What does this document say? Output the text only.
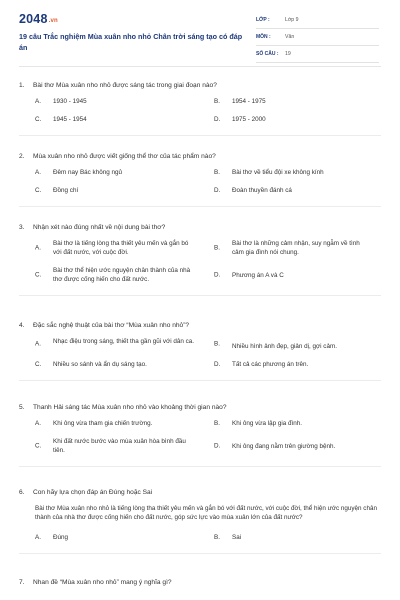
2048.vn
19 câu Trắc nghiệm Mùa xuân nho nhỏ Chân trời sáng tạo có đáp án
LỚP :	Lớp 9
MÔN :	Văn
SỐ CÂU : 19
1. Bài thơ Mùa xuân nho nhỏ được sáng tác trong giai đoạn nào?
A.	1930 - 1945	B.	1954 - 1975
C.	1945 - 1954	D.	1975 - 2000
2. Mùa xuân nho nhỏ được viết giống thể thơ của tác phẩm nào?
A.	Đêm nay Bác không ngủ	B.	Bài thơ về tiểu đội xe không kính
C.	Đồng chí	D.	Đoàn thuyền đánh cá
3. Nhận xét nào đúng nhất về nội dung bài thơ?
A.
Bài thơ là tiếng lòng tha thiết yêu mến và gắn bó với đất nước, với cuộc đời.
B.
Bài thơ là những cảm nhận, suy ngẫm về tình cảm gia đình nói chung.
C.
Bài thơ thể hiện ước nguyện chân thành của nhà thơ được cống hiến cho đất nước.
D.	Phương án A và C
4. Đặc sắc nghệ thuật của bài thơ “Mùa xuân nho nhỏ”?
A.	Nhạc điệu trong sáng, thiết tha gần gũi với dân ca.	B.	Nhiều hình ảnh đẹp, giản dị, gợi cảm.
C.	Nhiều so sánh và ẩn dụ sáng tạo.	D.	Tất cả các phương án trên.
5. Thanh Hải sáng tác Mùa xuân nho nhỏ vào khoảng thời gian nào?
A.	Khi ông vừa tham gia chiến trường.	B.	Khi ông vừa lập gia đình.
C.
Khi đất nước bước vào mùa xuân hòa bình đầu tiên.
D.	Khi ông đang nằm trên giường bệnh.
6. Con hãy lựa chọn đáp án Đúng hoặc Sai
Bài thơ Mùa xuân nho nhỏ là tiếng lòng tha thiết yêu mến và gắn bó với đất nước, với cuộc đời, thể hiện ước nguyện chân thành của nhà thơ được cống hiến cho đất nước, góp sức lực vào mùa xuân lớn của đất nước?
A.	Đúng	B.	Sai
7. Nhan đề “Mùa xuân nho nhỏ” mang ý nghĩa gì?
